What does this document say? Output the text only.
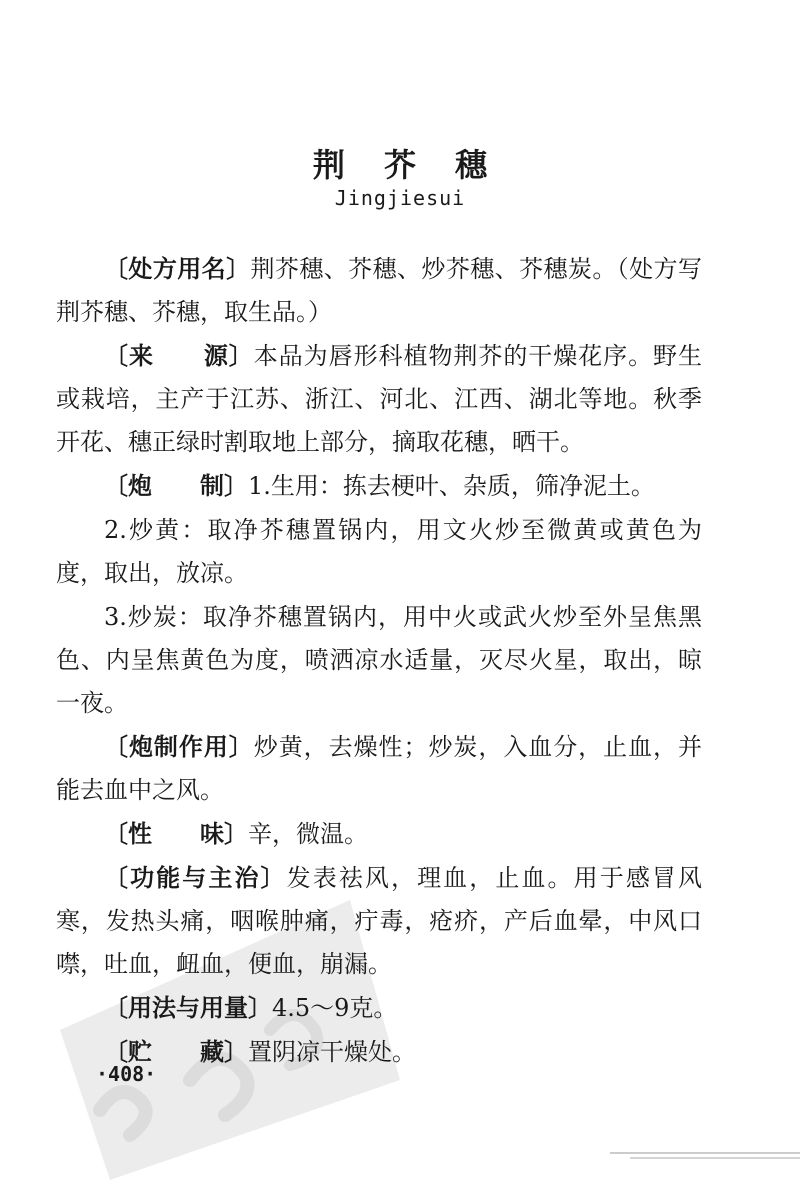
荆 芥 穗
Jingjiesui

〔处方用名〕荆芥穗、芥穗、炒芥穗、芥穗炭。（处方写荆芥穗、芥穗，取生品。）

〔来　　源〕本品为唇形科植物荆芥的干燥花序。野生或栽培，主产于江苏、浙江、河北、江西、湖北等地。秋季开花、穗正绿时割取地上部分，摘取花穗，晒干。

〔炮　　制〕1.生用：拣去梗叶、杂质，筛净泥土。

2.炒黄：取净芥穗置锅内，用文火炒至微黄或黄色为度，取出，放凉。

3.炒炭：取净芥穗置锅内，用中火或武火炒至外呈焦黑色、内呈焦黄色为度，喷洒凉水适量，灭尽火星，取出，晾一夜。

〔炮制作用〕炒黄，去燥性；炒炭，入血分，止血，并能去血中之风。

〔性　　味〕辛，微温。

〔功能与主治〕发表祛风，理血，止血。用于感冒风寒，发热头痛，咽喉肿痛，疔毒，疮疥，产后血晕，中风口噤，吐血，衄血，便血，崩漏。

〔用法与用量〕4.5～9克。

〔贮　　藏〕置阴凉干燥处。

·408·
